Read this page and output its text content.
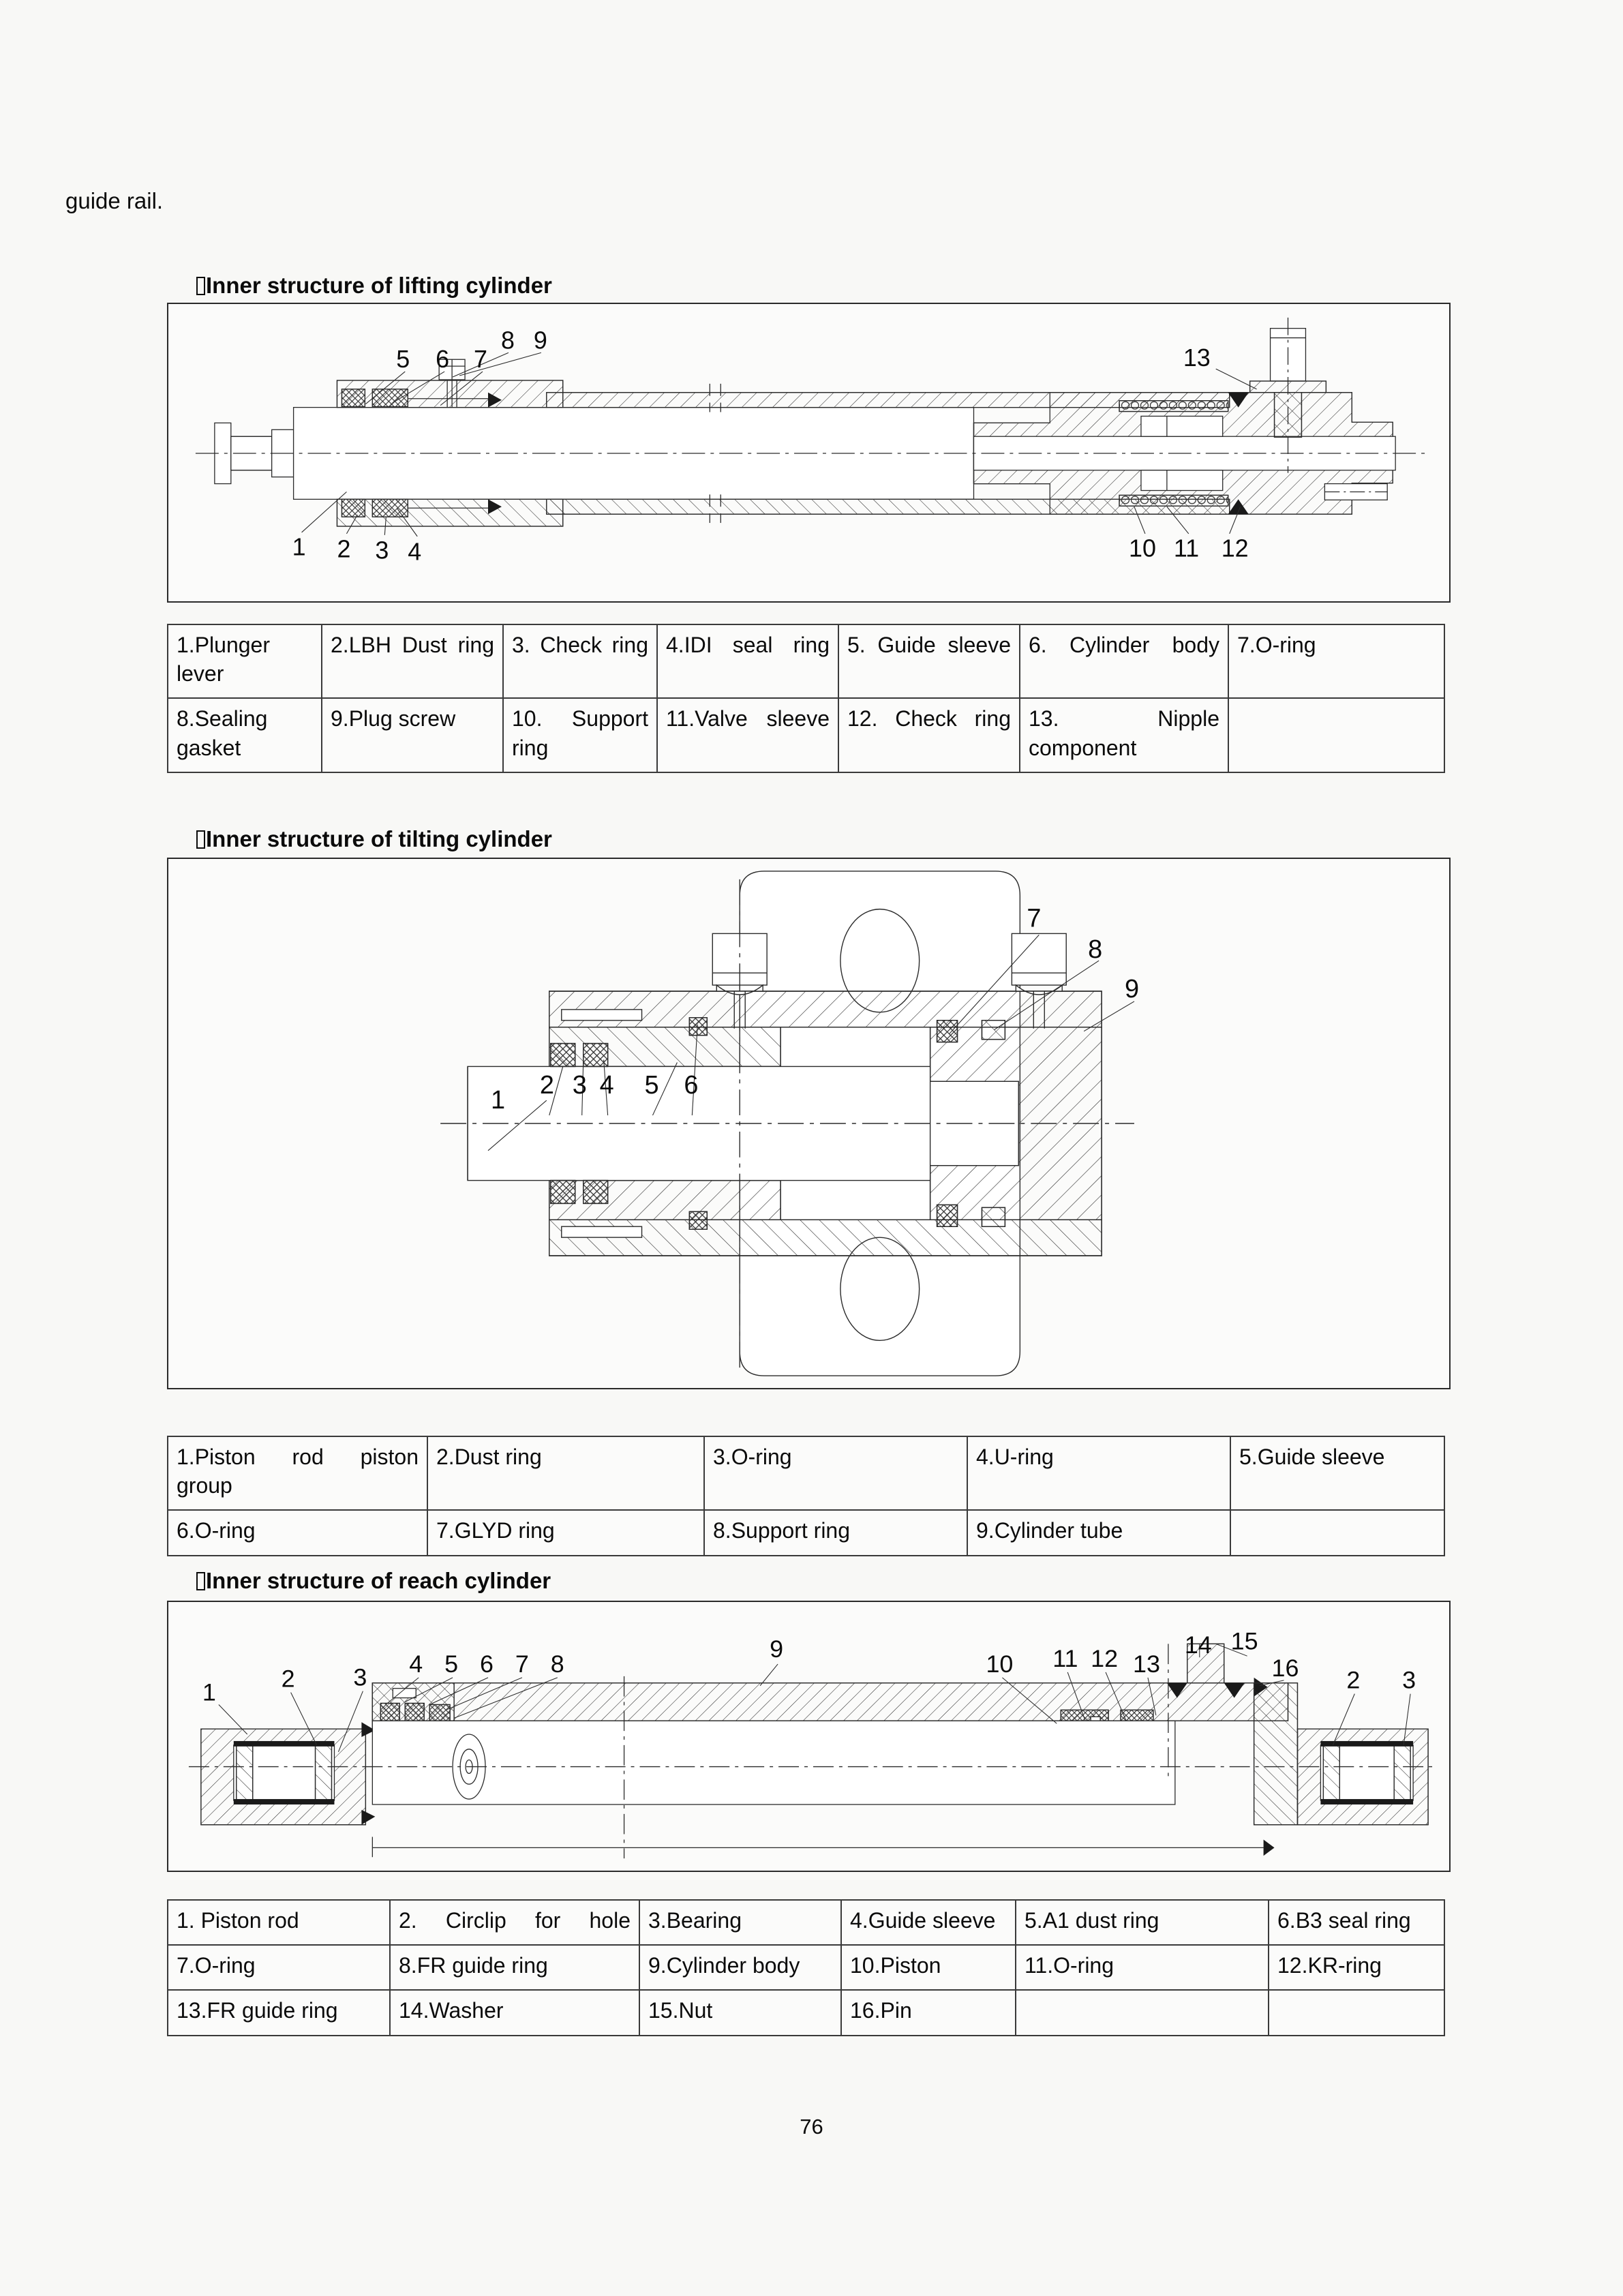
guide rail.
Inner structure of lifting cylinder
5 6 7
8 9
1 2 3 4	10 11 12
13
1.Plunger lever	2.LBH Dust ring	3. Check ring	4.IDI seal ring	5. Guide sleeve	6. Cylinder body	7.O-ring
8.Sealing gasket	9.Plug screw	10. Support ring	11.Valve sleeve	12. Check ring	13. Nipple component	
Inner structure of tilting cylinder
1
2 3 4 5 6
7
8
9
1.Piston rod piston group	2.Dust ring	3.O-ring	4.U-ring	5.Guide sleeve
6.O-ring	7.GLYD ring	8.Support ring	9.Cylinder tube	
Inner structure of reach cylinder
1	2 3 4 5 6 7 8
9
10 11 12 13
14 15
16 2 3
1. Piston rod	2. Circlip for hole	3.Bearing	4.Guide sleeve	5.A1 dust ring	6.B3 seal ring
7.O-ring	8.FR guide ring	9.Cylinder body	10.Piston	11.O-ring	12.KR-ring
13.FR guide ring	14.Washer	15.Nut	16.Pin		
76
